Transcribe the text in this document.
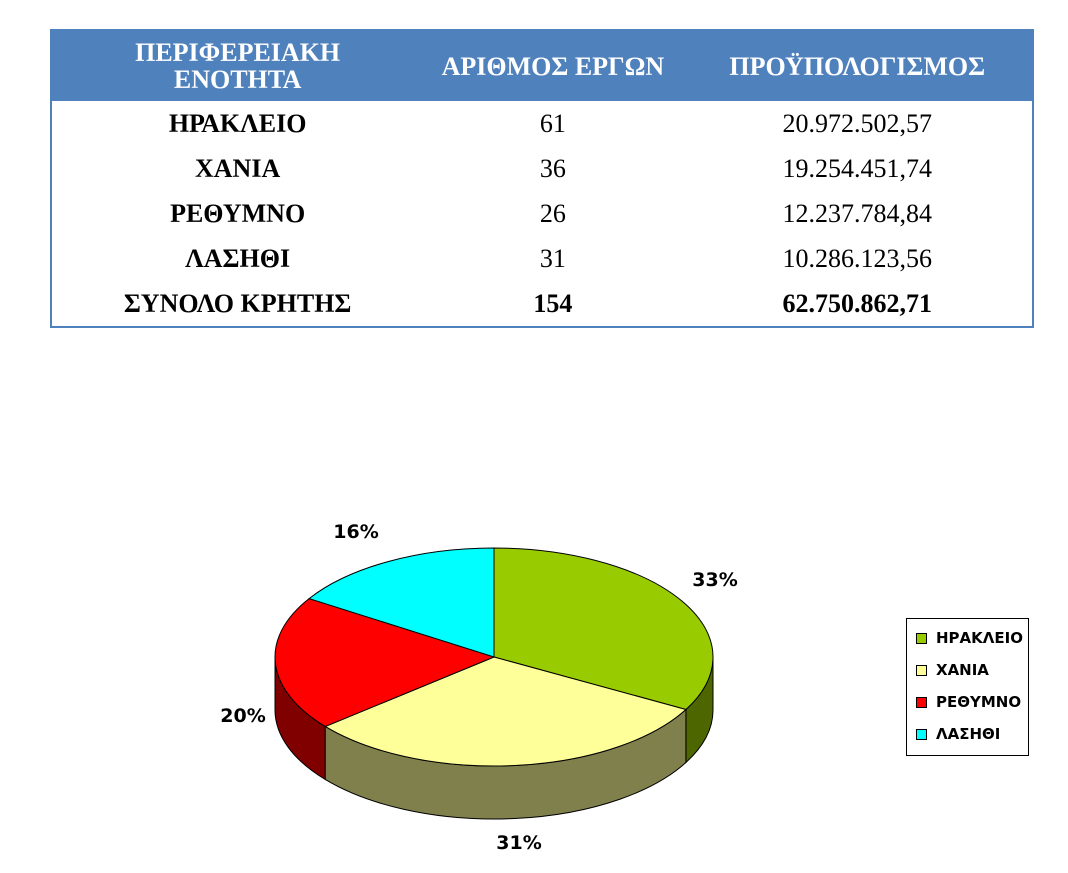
ΠΕΡΙΦΕΡΕΙΑΚΗ ΕΝΟΤΗΤΑ	ΑΡΙΘΜΟΣ ΕΡΓΩΝ	ΠΡΟΫΠΟΛΟΓΙΣΜΟΣ
ΗΡΑΚΛΕΙΟ	61	20.972.502,57
ΧΑΝΙΑ	36	19.254.451,74
ΡΕΘΥΜΝΟ	26	12.237.784,84
ΛΑΣΗΘΙ	31	10.286.123,56
ΣΥΝΟΛΟ ΚΡΗΤΗΣ	154	62.750.862,71
33%
31%
20%
16%
ΗΡΑΚΛΕΙΟ
ΧΑΝΙΑ
ΡΕΘΥΜΝΟ
ΛΑΣΗΘΙ
